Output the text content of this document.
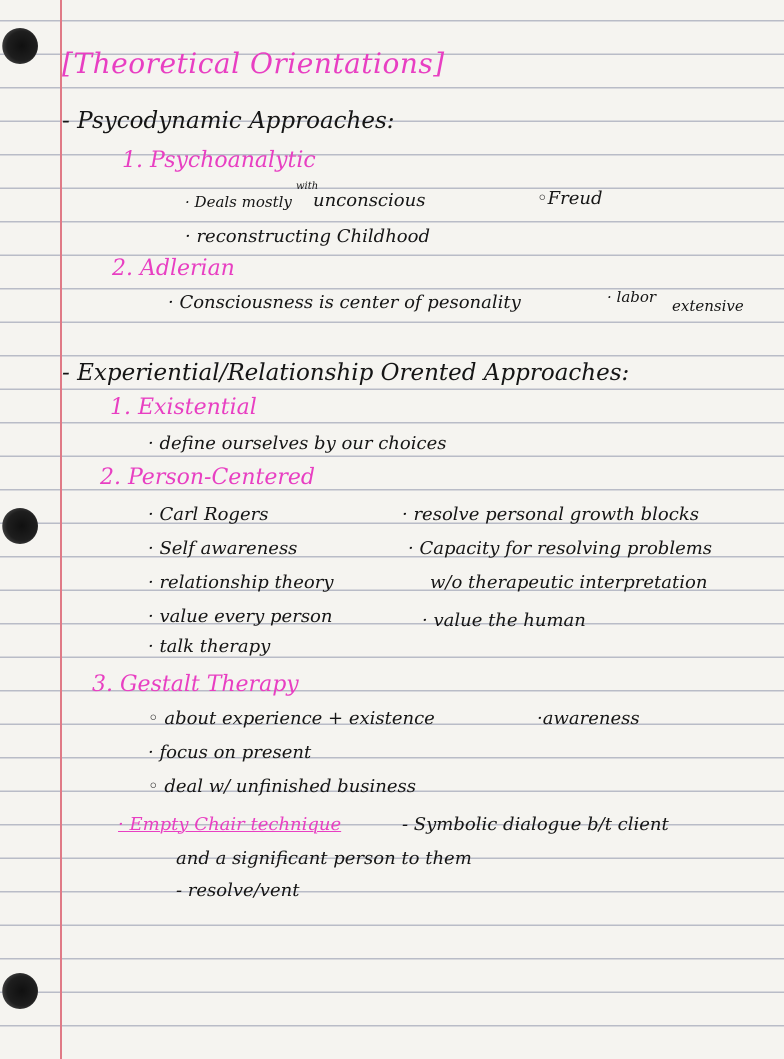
[Theoretical Orientations]
- Psycodynamic Approaches:
1. Psychoanalytic
· Deals mostly
with
unconscious	◦Freud
· reconstructing Childhood
2. Adlerian
· Consciousness is center of pesonality	· labor extensive
- Experiential/Relationship Orented Approaches:
1. Existential
· define ourselves by our choices
2. Person-Centered
· Carl Rogers
· Self awareness
· relationship theory
· value every person
· talk therapy
· resolve personal growth blocks
· Capacity for resolving problems
w/o therapeutic interpretation
· value the human
3. Gestalt Therapy
◦ about experience + existence	·awareness
· focus on present
◦ deal w/ unfinished business
· Empty Chair technique	- Symbolic dialogue b/t client
and a significant person to them
- resolve/vent
